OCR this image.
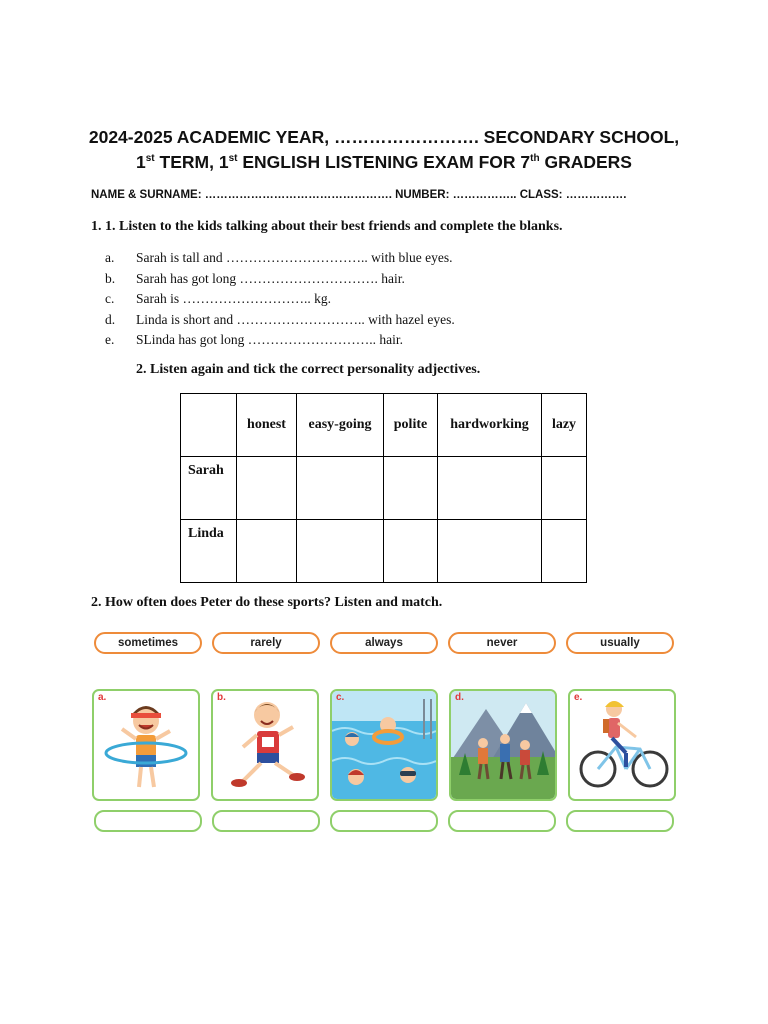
2024-2025 ACADEMIC YEAR, ……………………. SECONDARY SCHOOL,
1st TERM, 1st ENGLISH LISTENING EXAM FOR 7th GRADERS
NAME & SURNAME: …………………………………………. NUMBER: …………….. CLASS: …………….
1. 1. Listen to the kids talking about their best friends and complete the blanks.
a. Sarah is tall and ………………………….. with blue eyes.
b. Sarah has got long …………………………. hair.
c. Sarah is ……………………….. kg.
d. Linda is short and ……………………….. with hazel eyes.
e. SLinda has got long ……………………….. hair.
2. Listen again and tick the correct personality adjectives.
	honest	easy-going	polite	hardworking	lazy
Sarah					
Linda					
2. How often does Peter do these sports? Listen and match.
sometimes	rarely	always	never	usually
a.	b.	c.	d.	e.
